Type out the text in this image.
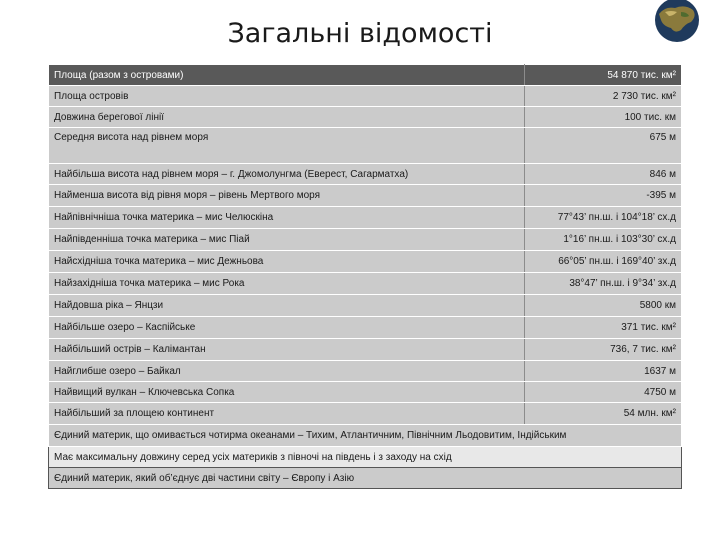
Загальні відомості
Площа (разом з островами)	54 870 тис. км²
Площа островів	2 730 тис. км²
Довжина берегової лінії	100 тис. км
Середня висота над рівнем моря	675 м
Найбільша висота над рівнем моря – г. Джомолунгма (Еверест, Сагарматха)	846 м
Найменша висота від рівня моря – рівень Мертвого моря	-395 м
Найпівнічніша точка материка – мис Челюскіна	77°43’ пн.ш. і 104°18’ сх.д
Найпівденніша точка материка – мис Піай	1°16’ пн.ш. і 103°30’ сх.д
Найсхідніша точка материка – мис Дежньова	66°05’ пн.ш. і 169°40’ зх.д
Найзахідніша точка материка – мис Рока	38°47’ пн.ш. і 9°34’ зх.д
Найдовша ріка – Янцзи	5800 км
Найбільше озеро – Каспійське	371 тис. км²
Найбільший острів – Калімантан	736, 7 тис. км²
Найглибше озеро – Байкал	1637 м
Найвищий вулкан – Ключевська Сопка	4750 м
Найбільший за площею континент	54 млн. км²
Єдиний материк, що омивається чотирма океанами – Тихим, Атлантичним, Північним Льодовитим, Індійським	
Має максимальну довжину серед усіх материків з півночі на південь і з заходу на схід	
Єдиний материк, який об’єднує дві частини світу – Європу і Азію	
